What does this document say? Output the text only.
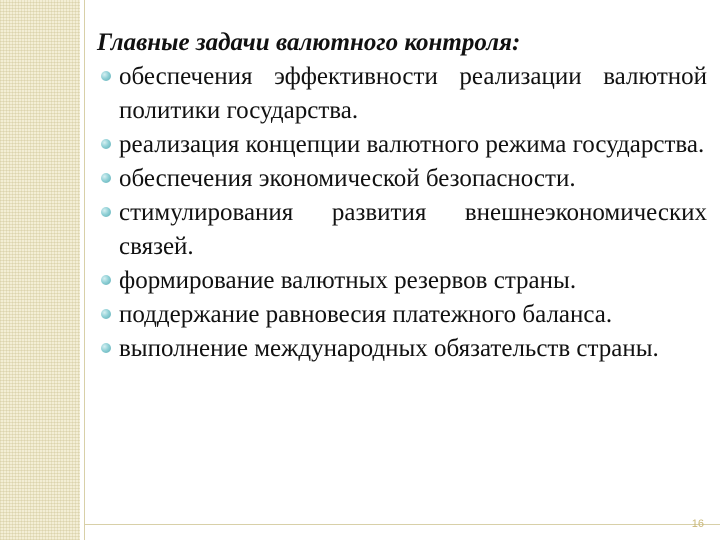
Главные задачи валютного контроля:
обеспечения эффективности реализации валютной политики государства.
реализация концепции валютного режима государства.
обеспечения экономической безопасности.
стимулирования развития внешнеэкономических связей.
формирование валютных резервов страны.
поддержание равновесия платежного баланса.
выполнение международных обязательств страны.
16
